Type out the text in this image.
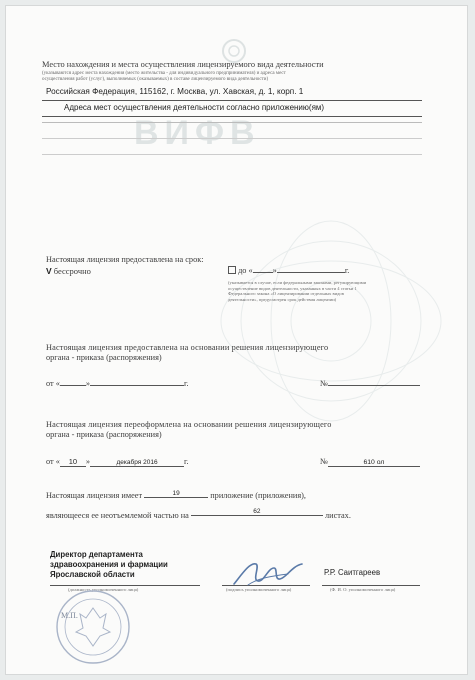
ВИФВ
Место нахождения и места осуществления лицензируемого вида деятельности
(указываются адрес места нахождения (место жительства - для индивидуального предпринимателя) и адреса мест
осуществления работ (услуг), выполняемых (оказываемых) в составе лицензируемого вида деятельности)
Российская Федерация, 115162, г. Москва, ул. Хавская, д. 1, корп. 1
Адреса мест осуществления деятельности согласно приложению(ям)
Настоящая лицензия предоставлена на срок:
V бессрочно	до « »	г.
(указывается в случае, если федеральными законами, регулирующими осуществление видов деятельности, указанных в части 4 статьи 1 Федерального закона «О лицензировании отдельных видов деятельности», предусмотрен срок действия лицензии)
Настоящая лицензия предоставлена на основании решения лицензирующего
органа - приказа (распоряжения)
от «	»	г.	№
Настоящая лицензия переоформлена на основании решения лицензирующего
органа - приказа (распоряжения)
от « 10 »	декабря 2016	г.	№	610 ол
Настоящая лицензия имеет	19	приложение (приложения),
являющееся ее неотъемлемой частью на	62	листах.
Директор департамента
здравоохранения и фармации
Ярославской области
(должность уполномоченного лица)	(подпись уполномоченного лица)
Р.Р. Саитгареев
(Ф. И. О. уполномоченного лица)
М.П.
